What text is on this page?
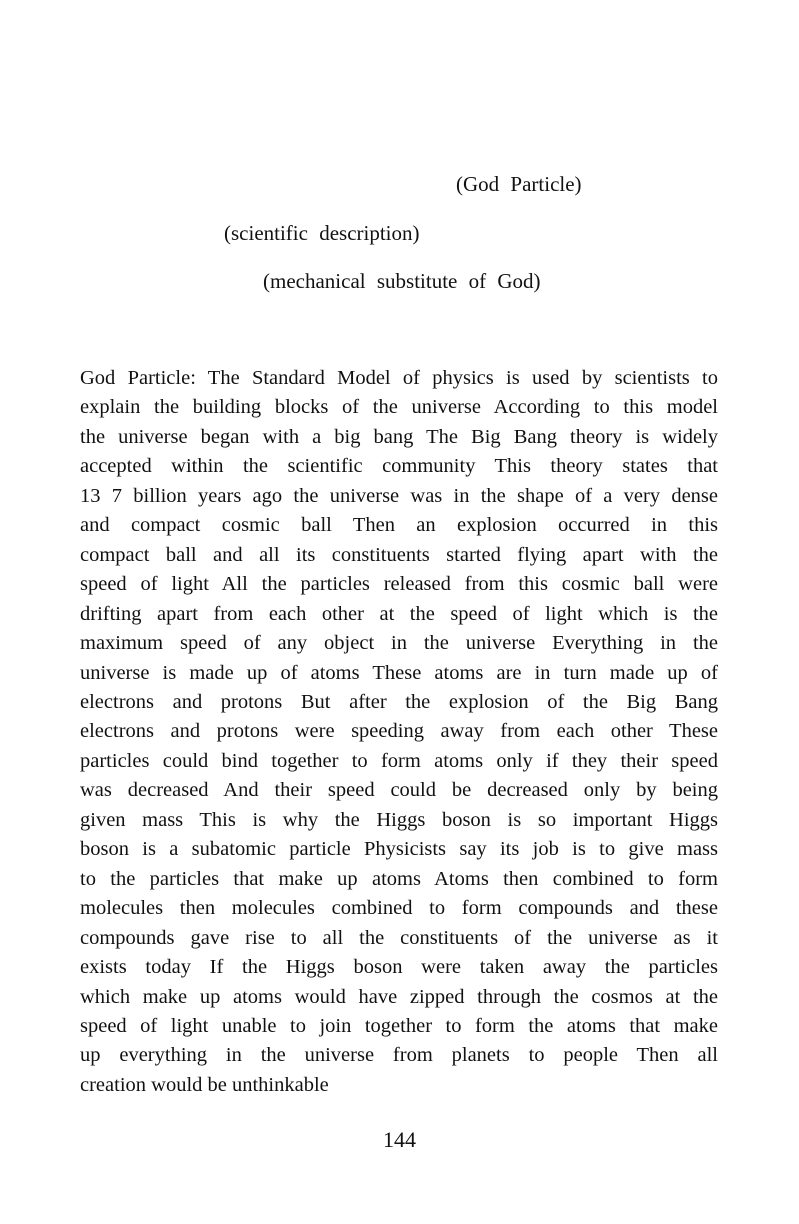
(God Particle)
(scientific description)
(mechanical substitute of God)
God Particle: The Standard Model of physics is used by scientists to
explain the building blocks of the universe According to this model
the universe began with a big bang The Big Bang theory is widely
accepted within the scientific community This theory states that
13 7 billion years ago the universe was in the shape of a very dense
and compact cosmic ball Then an explosion occurred in this
compact ball and all its constituents started flying apart with the
speed of light All the particles released from this cosmic ball were
drifting apart from each other at the speed of light which is the
maximum speed of any object in the universe Everything in the
universe is made up of atoms These atoms are in turn made up of
electrons and protons But after the explosion of the Big Bang
electrons and protons were speeding away from each other These
particles could bind together to form atoms only if they their speed
was decreased And their speed could be decreased only by being
given mass This is why the Higgs boson is so important Higgs
boson is a subatomic particle Physicists say its job is to give mass
to the particles that make up atoms Atoms then combined to form
molecules then molecules combined to form compounds and these
compounds gave rise to all the constituents of the universe as it
exists today If the Higgs boson were taken away the particles
which make up atoms would have zipped through the cosmos at the
speed of light unable to join together to form the atoms that make
up everything in the universe from planets to people Then all
creation would be unthinkable
144
